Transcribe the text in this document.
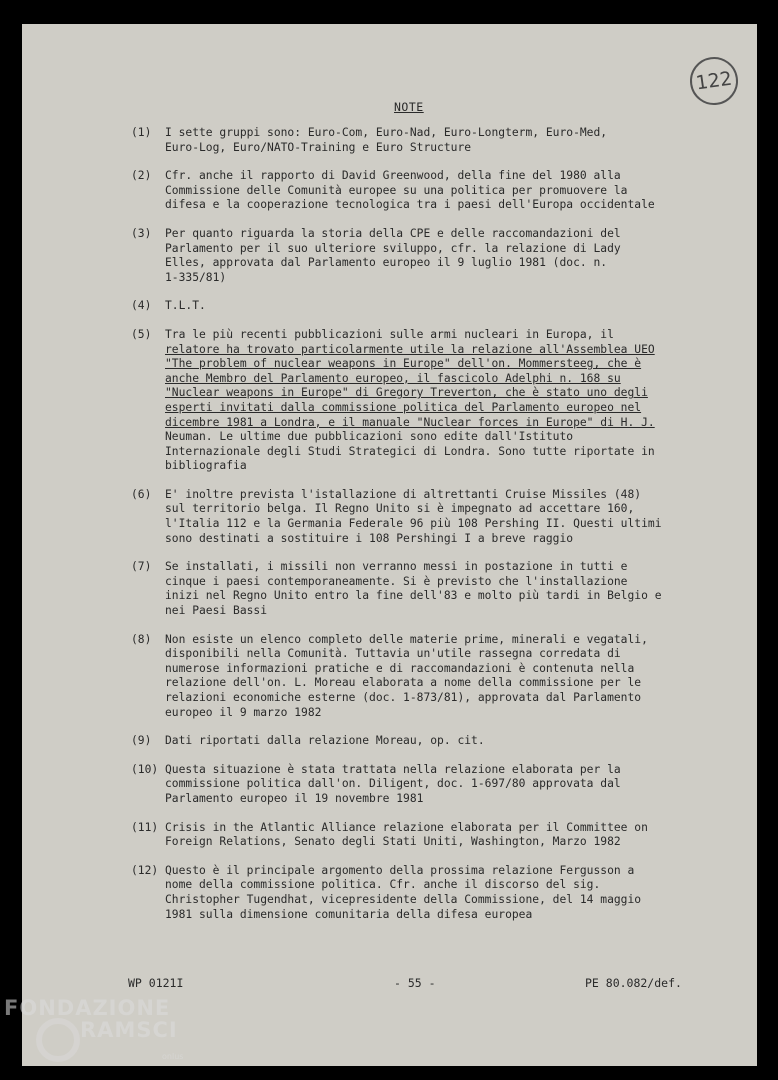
122
NOTE
(1)	I sette gruppi sono: Euro-Com, Euro-Nad, Euro-Longterm, Euro-Med,
Euro-Log, Euro/NATO-Training e Euro Structure
(2)	Cfr. anche il rapporto di David Greenwood, della fine del 1980 alla
Commissione delle Comunità europee su una politica per promuovere la
difesa e la cooperazione tecnologica tra i paesi dell'Europa occidentale
(3)	Per quanto riguarda la storia della CPE e delle raccomandazioni del
Parlamento per il suo ulteriore sviluppo, cfr. la relazione di Lady
Elles, approvata dal Parlamento europeo il 9 luglio 1981 (doc. n.
1-335/81)
(4)	T.L.T.
(5)	Tra le più recenti pubblicazioni sulle armi nucleari in Europa, il
relatore ha trovato particolarmente utile la relazione all'Assemblea UEO
"The problem of nuclear weapons in Europe" dell'on. Mommersteeg, che è
anche Membro del Parlamento europeo, il fascicolo Adelphi n. 168 su
"Nuclear weapons in Europe" di Gregory Treverton, che è stato uno degli
esperti invitati dalla commissione politica del Parlamento europeo nel
dicembre 1981 a Londra, e il manuale "Nuclear forces in Europe" di H. J.
Neuman. Le ultime due pubblicazioni sono edite dall'Istituto
Internazionale degli Studi Strategici di Londra. Sono tutte riportate in
bibliografia
(6)	E' inoltre prevista l'istallazione di altrettanti Cruise Missiles (48)
sul territorio belga. Il Regno Unito si è impegnato ad accettare 160,
l'Italia 112 e la Germania Federale 96 più 108 Pershing II. Questi ultimi
sono destinati a sostituire i 108 Pershingi I a breve raggio
(7)	Se installati, i missili non verranno messi in postazione in tutti e
cinque i paesi contemporaneamente. Si è previsto che l'installazione
inizi nel Regno Unito entro la fine dell'83 e molto più tardi in Belgio e
nei Paesi Bassi
(8)	Non esiste un elenco completo delle materie prime, minerali e vegatali,
disponibili nella Comunità. Tuttavia un'utile rassegna corredata di
numerose informazioni pratiche e di raccomandazioni è contenuta nella
relazione dell'on. L. Moreau elaborata a nome della commissione per le
relazioni economiche esterne (doc. 1-873/81), approvata dal Parlamento
europeo il 9 marzo 1982
(9)	Dati riportati dalla relazione Moreau, op. cit.
(10) Questa situazione è stata trattata nella relazione elaborata per la
commissione politica dall'on. Diligent, doc. 1-697/80 approvata dal
Parlamento europeo il 19 novembre 1981
(11) Crisis in the Atlantic Alliance relazione elaborata per il Committee on
Foreign Relations, Senato degli Stati Uniti, Washington, Marzo 1982
(12) Questo è il principale argomento della prossima relazione Fergusson a
nome della commissione politica. Cfr. anche il discorso del sig.
Christopher Tugendhat, vicepresidente della Commissione, del 14 maggio
1981 sulla dimensione comunitaria della difesa europea
WP 0121I	- 55 -	PE 80.082/def.
FONDAZIONE
RAMSCI
onlus
